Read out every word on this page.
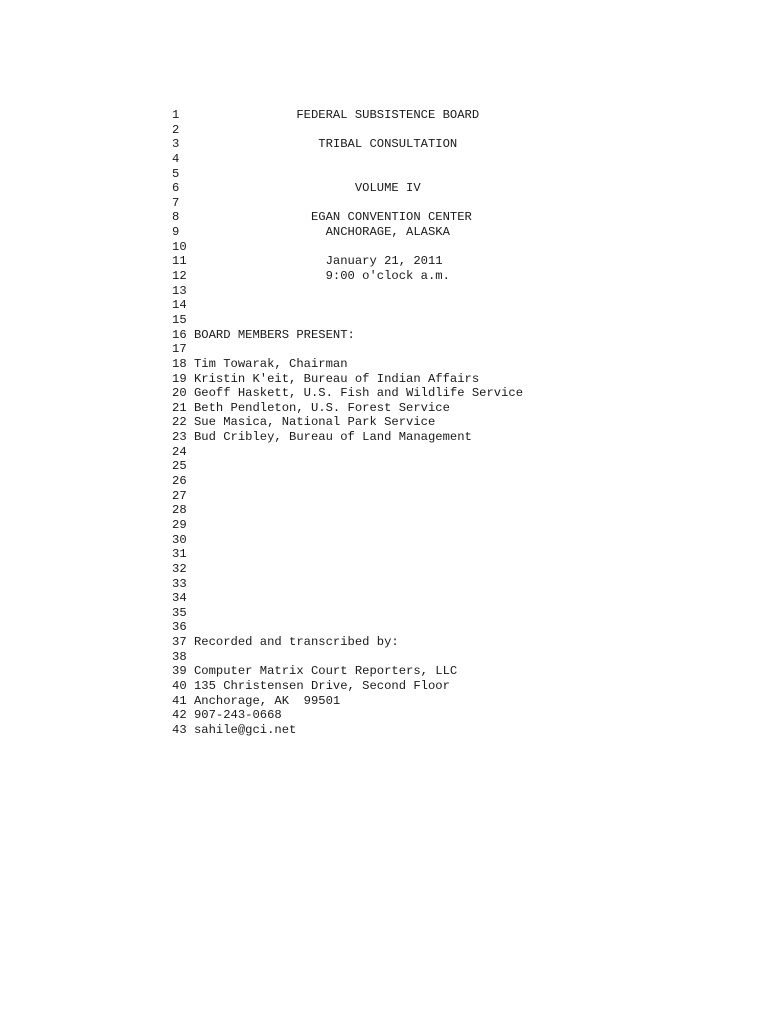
1                FEDERAL SUBSISTENCE BOARD
2
3                   TRIBAL CONSULTATION
4
5
6                        VOLUME IV
7
8                  EGAN CONVENTION CENTER
9                    ANCHORAGE, ALASKA
10
11                   January 21, 2011
12                   9:00 o'clock a.m.
13
14
15
16 BOARD MEMBERS PRESENT:
17
18 Tim Towarak, Chairman
19 Kristin K'eit, Bureau of Indian Affairs
20 Geoff Haskett, U.S. Fish and Wildlife Service
21 Beth Pendleton, U.S. Forest Service
22 Sue Masica, National Park Service
23 Bud Cribley, Bureau of Land Management
24
25
26
27
28
29
30
31
32
33
34
35
36
37 Recorded and transcribed by:
38
39 Computer Matrix Court Reporters, LLC
40 135 Christensen Drive, Second Floor
41 Anchorage, AK  99501
42 907-243-0668
43 sahile@gci.net
